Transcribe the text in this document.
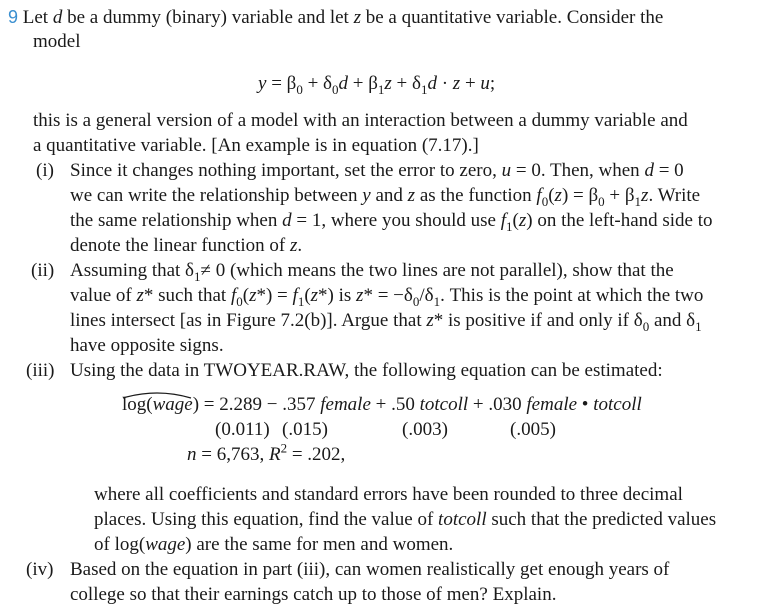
9 Let d be a dummy (binary) variable and let z be a quantitative variable. Consider the
model
$y = \beta_0 + \delta_0d + \beta_1z + \delta_1d \cdot z + u$;
this is a general version of a model with an interaction between a dummy variable and
a quantitative variable. [An example is in equation (7.17).]
(i) Since it changes nothing important, set the error to zero, u = 0. Then, when d = 0
we can write the relationship between y and z as the function $f_0(z) = \beta_0 + \beta_1z$. Write
the same relationship when d = 1, where you should use $f_1(z)$ on the left-hand side to
denote the linear function of z.
(ii) Assuming that $\delta_1\ne 0$ (which means the two lines are not parallel), show that the
value of z* such that $f_0(z*) = f_1(z*)$ is $z* = -\delta_0/\delta_1$. This is the point at which the two
lines intersect [as in Figure 7.2(b)]. Argue that z* is positive if and only if $\delta_0$ and $\delta_1$
have opposite signs.
(iii) Using the data in TWOYEAR.RAW, the following equation can be estimated:
log(wage) = 2.289 − .357 female + .50 totcoll + .030 female • totcoll
(0.011) (.015)	(.003)	(.005)
n = 6,763, $R^2 = .202$,
where all coefficients and standard errors have been rounded to three decimal
places. Using this equation, find the value of totcoll such that the predicted values
of log(wage) are the same for men and women.
(iv) Based on the equation in part (iii), can women realistically get enough years of
college so that their earnings catch up to those of men? Explain.
